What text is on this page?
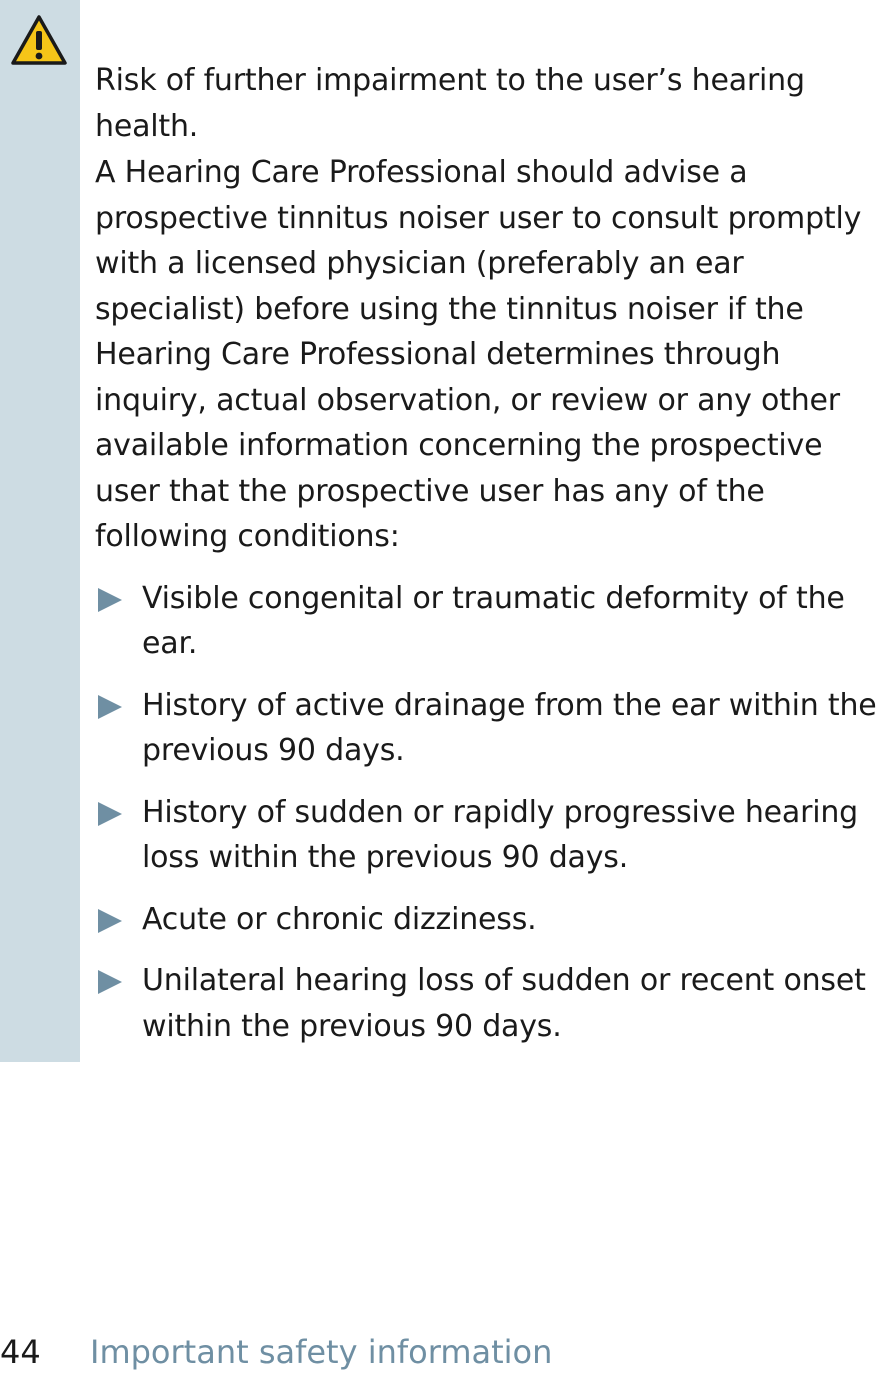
Risk of further impairment to the user’s hearing health.

A Hearing Care Professional should advise a prospective tinnitus noiser user to consult promptly with a licensed physician (preferably an ear specialist) before using the tinnitus noiser if the Hearing Care Professional determines through inquiry, actual observation, or review or any other available information concerning the prospective user that the prospective user has any of the following conditions:

Visible congenital or traumatic deformity of the ear.
History of active drainage from the ear within the previous 90 days.
History of sudden or rapidly progressive hearing loss within the previous 90 days.
Acute or chronic dizziness.
Unilateral hearing loss of sudden or recent onset within the previous 90 days.
44 Important safety information
